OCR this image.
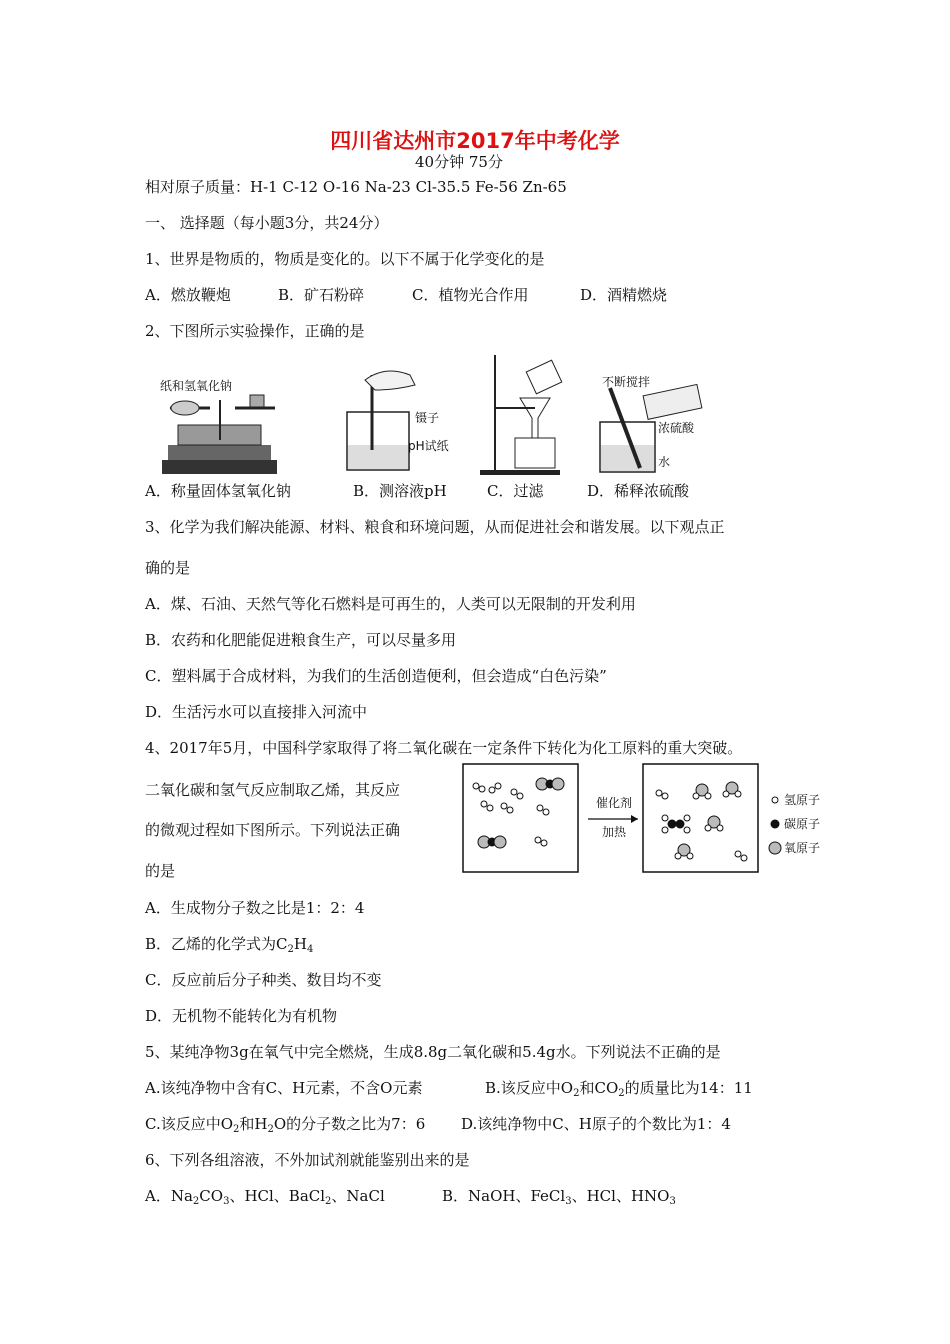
四川省达州市2017年中考化学
40分钟 75分
相对原子质量：H-1 C-12 O-16 Na-23 Cl-35.5 Fe-56 Zn-65
一、 选择题（每小题3分，共24分）
1、世界是物质的，物质是变化的。以下不属于化学变化的是
A．燃放鞭炮	B．矿石粉碎	C．植物光合作用	D．酒精燃烧
2、下图所示实验操作，正确的是
纸和氢氧化钠
镊子
pH试纸
不断搅拌
浓硫酸
水
A．称量固体氢氧化钠	B．测溶液pH	C．过滤	D．稀释浓硫酸
3、化学为我们解决能源、材料、粮食和环境问题，从而促进社会和谐发展。以下观点正
确的是
A．煤、石油、天然气等化石燃料是可再生的，人类可以无限制的开发利用
B．农药和化肥能促进粮食生产，可以尽量多用
C．塑料属于合成材料，为我们的生活创造便利，但会造成“白色污染”
D．生活污水可以直接排入河流中
4、2017年5月，中国科学家取得了将二氧化碳在一定条件下转化为化工原料的重大突破。
二氧化碳和氢气反应制取乙烯，其反应
的微观过程如下图所示。下列说法正确
的是
催化剂
加热
氢原子
碳原子
氧原子
A．生成物分子数之比是1：2：4
B．乙烯的化学式为$C_2H_4$
C．反应前后分子种类、数目均不变
D．无机物不能转化为有机物
5、某纯净物3g在氧气中完全燃烧，生成8.8g二氧化碳和5.4g水。下列说法不正确的是
A.该纯净物中含有C、H元素，不含O元素	B.该反应中$O_2$和$CO_2$的质量比为14：11
C.该反应中$O_2$和$H_2O$的分子数之比为7：6 D.该纯净物中C、H原子的个数比为1：4
6、下列各组溶液，不外加试剂就能鉴别出来的是
A．$Na_2CO_3$、HCl、BaCl$_2$、NaCl	B．NaOH、FeCl$_3$、HCl、$HNO_3$
